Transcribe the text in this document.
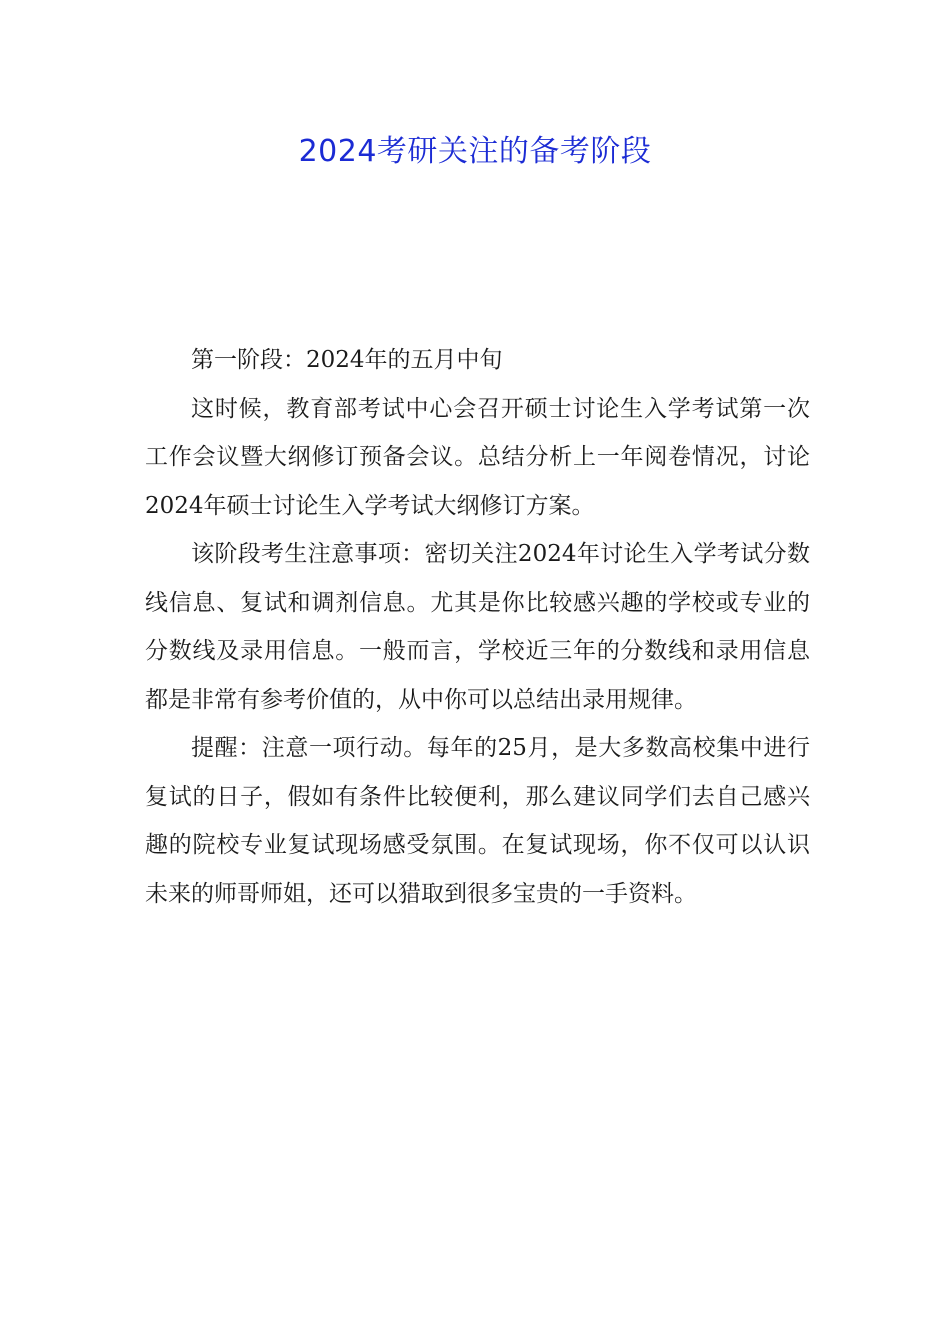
2024考研关注的备考阶段

第一阶段：2024年的五月中旬

这时候，教育部考试中心会召开硕士讨论生入学考试第一次工作会议暨大纲修订预备会议。总结分析上一年阅卷情况，讨论2024年硕士讨论生入学考试大纲修订方案。

该阶段考生注意事项：密切关注2024年讨论生入学考试分数线信息、复试和调剂信息。尤其是你比较感兴趣的学校或专业的分数线及录用信息。一般而言，学校近三年的分数线和录用信息都是非常有参考价值的，从中你可以总结出录用规律。

提醒：注意一项行动。每年的25月，是大多数高校集中进行复试的日子，假如有条件比较便利，那么建议同学们去自己感兴趣的院校专业复试现场感受氛围。在复试现场，你不仅可以认识未来的师哥师姐，还可以猎取到很多宝贵的一手资料。
